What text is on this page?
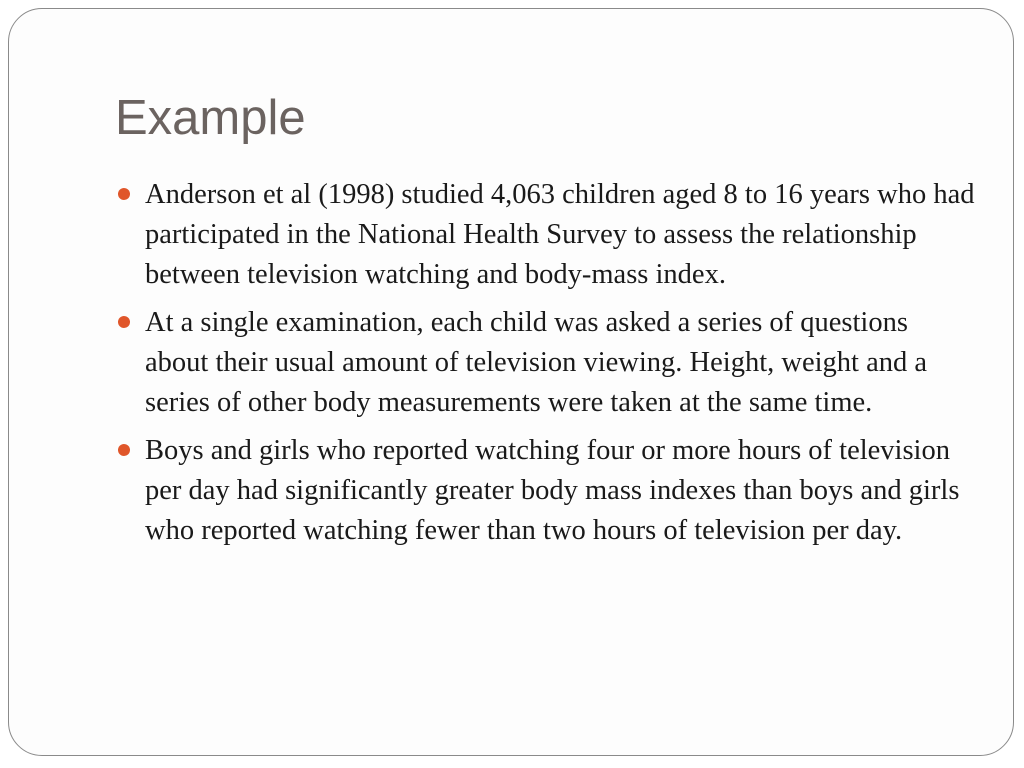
Example
Anderson et al (1998) studied 4,063 children aged 8 to 16 years who had participated in the National Health Survey to assess the relationship between television watching and body-mass index.
At a single examination, each child was asked a series of questions about their usual amount of television viewing. Height, weight and a series of other body measurements were taken at the same time.
Boys and girls who reported watching four or more hours of television per day had significantly greater body mass indexes than boys and girls who reported watching fewer than two hours of television per day.
